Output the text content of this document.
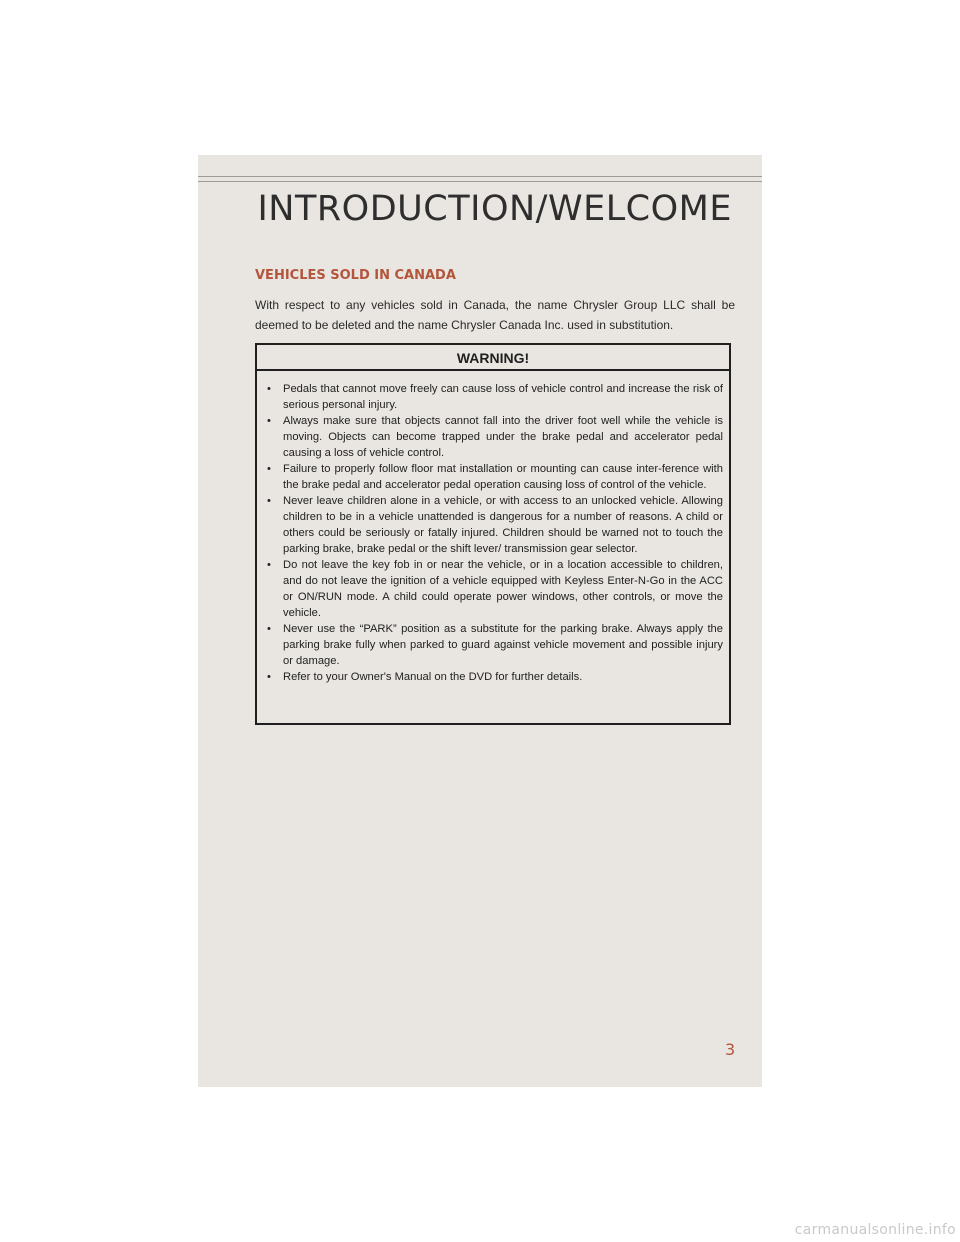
INTRODUCTION/WELCOME
VEHICLES SOLD IN CANADA
With respect to any vehicles sold in Canada, the name Chrysler Group LLC shall be deemed to be deleted and the name Chrysler Canada Inc. used in substitution.
WARNING!
• Pedals that cannot move freely can cause loss of vehicle control and increase the risk of serious personal injury.
• Always make sure that objects cannot fall into the driver foot well while the vehicle is moving. Objects can become trapped under the brake pedal and accelerator pedal causing a loss of vehicle control.
• Failure to properly follow floor mat installation or mounting can cause inter-ference with the brake pedal and accelerator pedal operation causing loss of control of the vehicle.
• Never leave children alone in a vehicle, or with access to an unlocked vehicle. Allowing children to be in a vehicle unattended is dangerous for a number of reasons. A child or others could be seriously or fatally injured. Children should be warned not to touch the parking brake, brake pedal or the shift lever/ transmission gear selector.
• Do not leave the key fob in or near the vehicle, or in a location accessible to children, and do not leave the ignition of a vehicle equipped with Keyless Enter-N-Go in the ACC or ON/RUN mode. A child could operate power windows, other controls, or move the vehicle.
• Never use the “PARK” position as a substitute for the parking brake. Always apply the parking brake fully when parked to guard against vehicle movement and possible injury or damage.
• Refer to your Owner's Manual on the DVD for further details.
3
carmanualsonline.info
